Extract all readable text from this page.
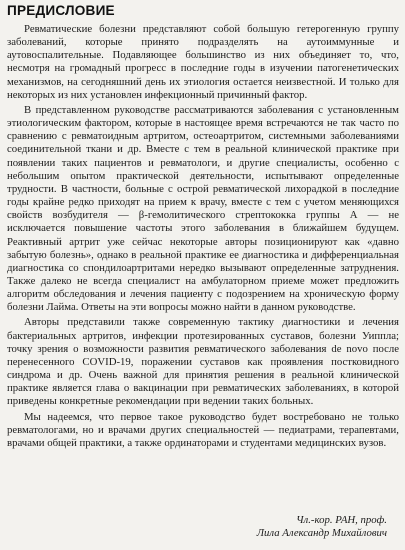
ПРЕДИСЛОВИЕ

Ревматические болезни представляют собой большую гетерогенную группу заболеваний, которые принято подразделять на аутоиммунные и аутовоспалительные. Подавляющее большинство из них объединяет то, что, несмотря на громадный прогресс в последние годы в изучении патогенетических механизмов, на сегодняшний день их этиология остается неизвестной. И только для некоторых из них установлен инфекционный причинный фактор.

В представленном руководстве рассматриваются заболевания с установленным этиологическим фактором, которые в настоящее время встречаются не так часто по сравнению с ревматоидным артритом, остеоартритом, системными заболеваниями соединительной ткани и др. Вместе с тем в реальной клинической практике при появлении таких пациентов и ревматологи, и другие специалисты, особенно с небольшим опытом практической деятельности, испытывают определенные трудности. В частности, больные с острой ревматической лихорадкой в последние годы крайне редко приходят на прием к врачу, вместе с тем с учетом меняющихся свойств возбудителя — β-гемолитического стрептококка группы А — не исключается повышение частоты этого заболевания в ближайшем будущем. Реактивный артрит уже сейчас некоторые авторы позиционируют как «давно забытую болезнь», однако в реальной практике ее диагностика и дифференциальная диагностика со спондилоартритами нередко вызывают определенные затруднения. Также далеко не всегда специалист на амбулаторном приеме может предложить алгоритм обследования и лечения пациенту с подозрением на хроническую форму болезни Лайма. Ответы на эти вопросы можно найти в данном руководстве.

Авторы представили также современную тактику диагностики и лечения бактериальных артритов, инфекции протезированных суставов, болезни Уиппла; точку зрения о возможности развития ревматического заболевания de novo после перенесенного COVID-19, поражении суставов как проявления постковидного синдрома и др. Очень важной для принятия решения в реальной клинической практике является глава о вакцинации при ревматических заболеваниях, в которой приведены конкретные рекомендации при ведении таких больных.

Мы надеемся, что первое такое руководство будет востребовано не только ревматологами, но и врачами других специальностей — педиатрами, терапевтами, врачами общей практики, а также ординаторами и студентами медицинских вузов.

Чл.-кор. РАН, проф.
Лила Александр Михайлович
